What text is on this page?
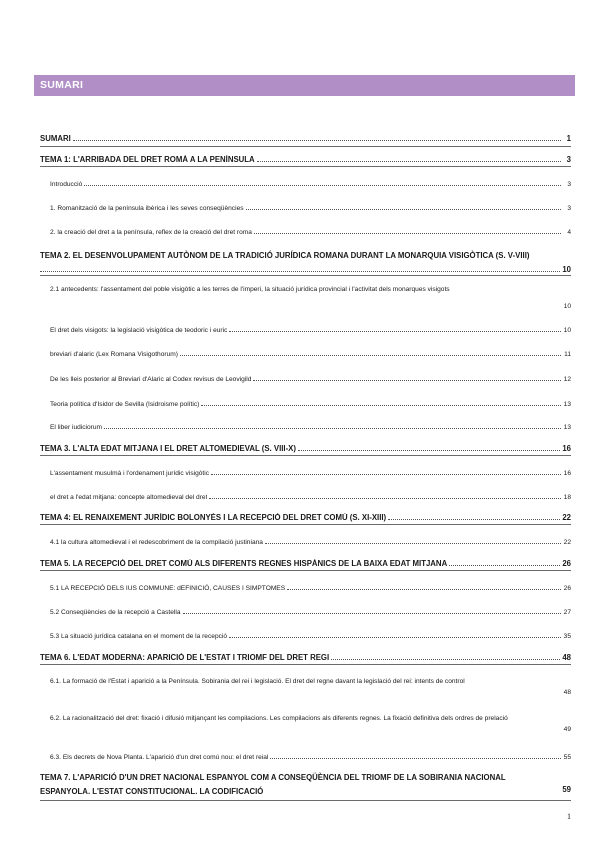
SUMARI
SUMARI	1
TEMA 1: L'ARRIBADA DEL DRET ROMÀ A LA PENÍNSULA	3
Introducció	3
1. Romanització de la península ibèrica i les seves conseqüències	3
2. la creació del dret a la península, reflex de la creació del dret roma	4
TEMA 2. EL DESENVOLUPAMENT AUTÒNOM DE LA TRADICIÓ JURÍDICA ROMANA DURANT LA MONARQUIA VISIGÒTICA (S. V-VIII)
10
2.1 antecedents: l'assentament del poble visigòtic a les terres de l'imperi, la situació jurídica provincial i l'activitat dels monarques visigots
10
El dret dels visigots: la legislació visigòtica de teodoric i euric	10
breviari d'alaric (Lex Romana Visigothorum)	11
De les lleis posterior al Breviari d'Alaric al Codex revisus de Leovigild	12
Teoria política d'Isidor de Sevilla (Isidroisme polític)	13
El liber iudiciorum	13
TEMA 3. L'ALTA EDAT MITJANA I EL DRET ALTOMEDIEVAL (S. VIII-X)	16
L'assentament musulmà i l'ordenament jurídic visigòtic	16
el dret a l'edat mitjana: concepte altomedieval del dret	18
TEMA 4: EL RENAIXEMENT JURÍDIC BOLONYÈS I LA RECEPCIÓ DEL DRET COMÚ (S. XI-XIII)	22
4.1 la cultura altomedieval i el redescobriment de la compilació justiniana	22
TEMA 5. LA RECEPCIÓ DEL DRET COMÚ ALS DIFERENTS REGNES HISPÀNICS DE LA BAIXA EDAT MITJANA	26
5.1 LA RECEPCIÓ DELS IUS COMMUNE: dEFINICIÓ, CAUSES I SIMPTOMES	26
5.2 Conseqüències de la recepció a Castella	27
5.3 La situació jurídica catalana en el moment de la recepció	35
TEMA 6. L'EDAT MODERNA: APARICIÓ DE L'ESTAT I TRIOMF DEL DRET REGI	48
6.1. La formació de l'Estat i aparició a la Península. Sobirania del rei i legislació. El dret del regne davant la legislació del rei: intents de control
48
6.2. La racionalització del dret: fixació i difusió mitjançant les compilacions. Les compilacions als diferents regnes. La fixació definitiva dels ordres de prelació
49
6.3. Els decrets de Nova Planta. L'aparició d'un dret comú nou: el dret reial	55
TEMA 7. L'APARICIÓ D'UN DRET NACIONAL ESPANYOL COM A CONSEQÜÈNCIA DEL TRIOMF DE LA SOBIRANIA NACIONAL ESPANYOLA. L'ESTAT CONSTITUCIONAL. LA CODIFICACIÓ	59
1
